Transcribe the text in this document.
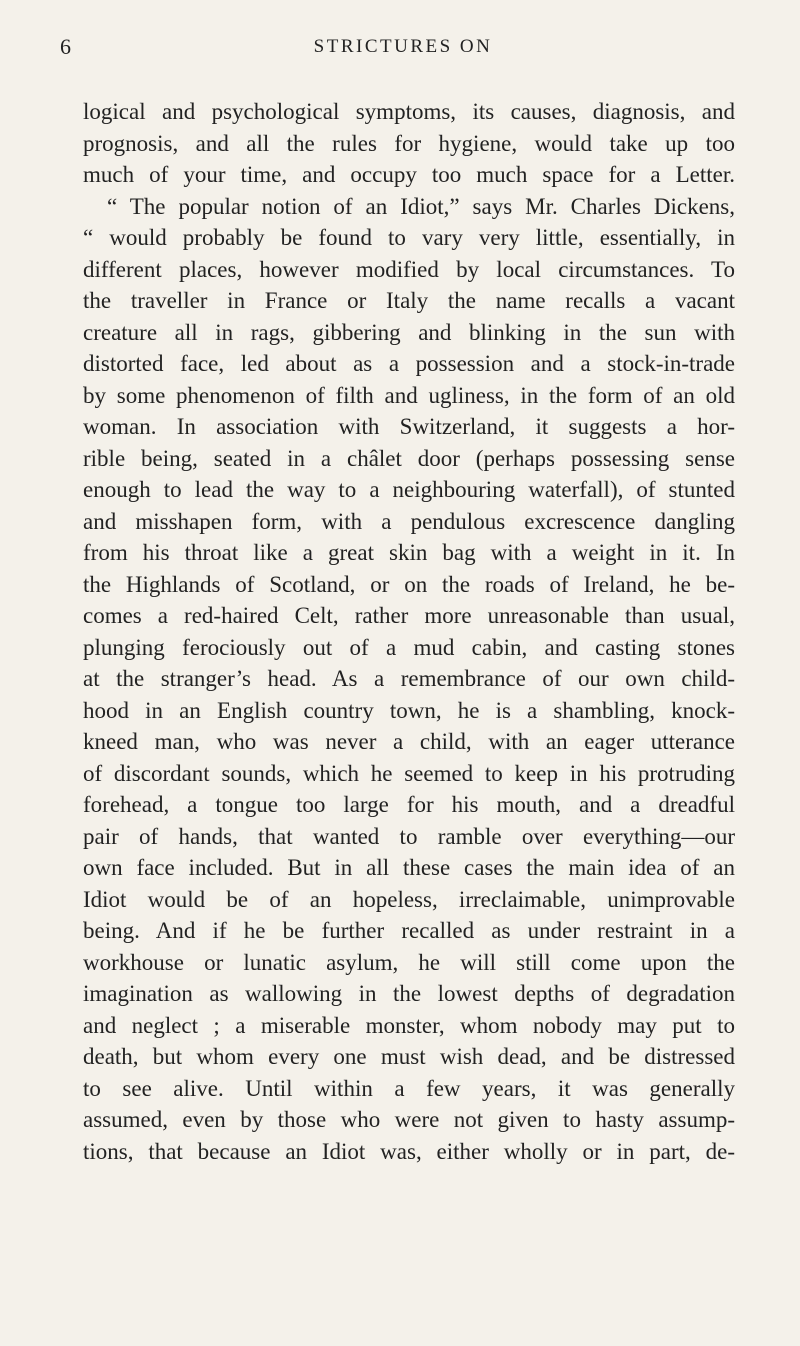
6	STRICTURES ON
logical and psychological symptoms, its causes, diagnosis, and
prognosis, and all the rules for hygiene, would take up too
much of your time, and occupy too much space for a Letter.
“ The popular notion of an Idiot,” says Mr. Charles Dickens,
“ would probably be found to vary very little, essentially, in
different places, however modified by local circumstances. To
the traveller in France or Italy the name recalls a vacant
creature all in rags, gibbering and blinking in the sun with
distorted face, led about as a possession and a stock-in-trade
by some phenomenon of filth and ugliness, in the form of an old
woman. In association with Switzerland, it suggests a hor-
rible being, seated in a châlet door (perhaps possessing sense
enough to lead the way to a neighbouring waterfall), of stunted
and misshapen form, with a pendulous excrescence dangling
from his throat like a great skin bag with a weight in it. In
the Highlands of Scotland, or on the roads of Ireland, he be-
comes a red-haired Celt, rather more unreasonable than usual,
plunging ferociously out of a mud cabin, and casting stones
at the stranger’s head. As a remembrance of our own child-
hood in an English country town, he is a shambling, knock-
kneed man, who was never a child, with an eager utterance
of discordant sounds, which he seemed to keep in his protruding
forehead, a tongue too large for his mouth, and a dreadful
pair of hands, that wanted to ramble over everything—our
own face included. But in all these cases the main idea of an
Idiot would be of an hopeless, irreclaimable, unimprovable
being. And if he be further recalled as under restraint in a
workhouse or lunatic asylum, he will still come upon the
imagination as wallowing in the lowest depths of degradation
and neglect ; a miserable monster, whom nobody may put to
death, but whom every one must wish dead, and be distressed
to see alive. Until within a few years, it was generally
assumed, even by those who were not given to hasty assump-
tions, that because an Idiot was, either wholly or in part, de-
